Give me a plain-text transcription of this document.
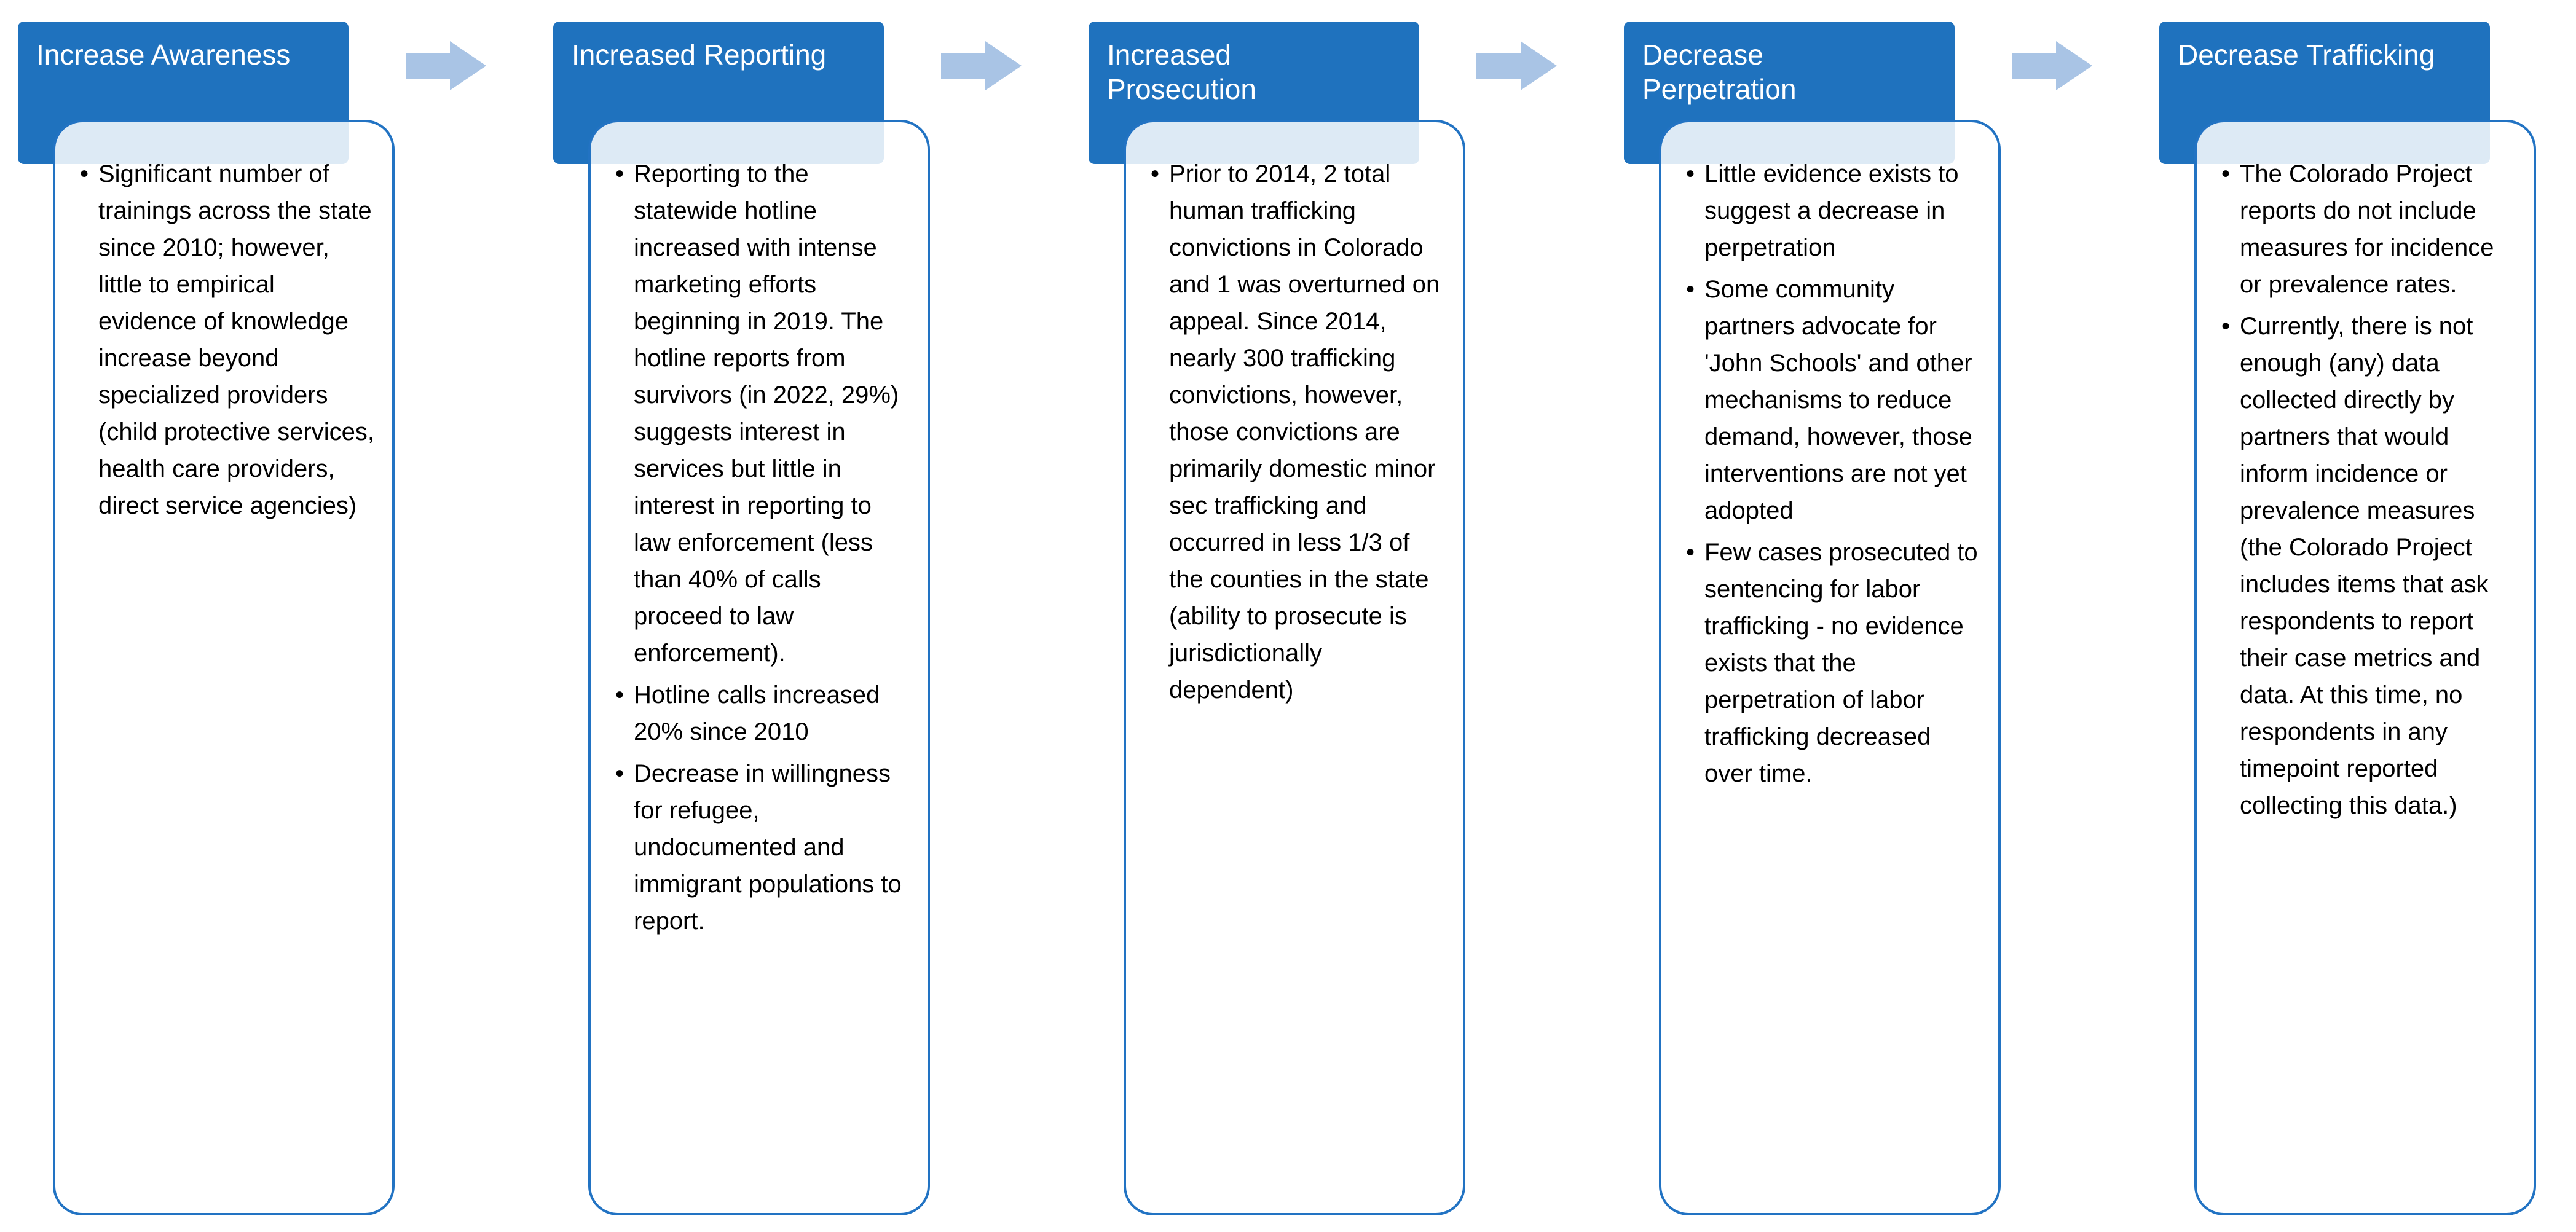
Increase Awareness
• Significant number of trainings across the state since 2010; however, little to empirical evidence of knowledge increase beyond specialized providers (child protective services, health care providers, direct service agencies)
Increased Reporting
• Reporting to the statewide hotline increased with intense marketing efforts beginning in 2019. The hotline reports from survivors (in 2022, 29%) suggests interest in services but little in interest in reporting to law enforcement (less than 40% of calls proceed to law enforcement).
• Hotline calls increased 20% since 2010
• Decrease in willingness for refugee, undocumented and immigrant populations to report.
Increased Prosecution
• Prior to 2014, 2 total human trafficking convictions in Colorado and 1 was overturned on appeal. Since 2014, nearly 300 trafficking convictions, however, those convictions are primarily domestic minor sec trafficking and occurred in less 1/3 of the counties in the state (ability to prosecute is jurisdictionally dependent)
Decrease Perpetration
• Little evidence exists to suggest a decrease in perpetration
• Some community partners advocate for 'John Schools' and other mechanisms to reduce demand, however, those interventions are not yet adopted
• Few cases prosecuted to sentencing for labor trafficking - no evidence exists that the perpetration of labor trafficking decreased over time.
Decrease Trafficking
• The Colorado Project reports do not include measures for incidence or prevalence rates.
• Currently, there is not enough (any) data collected directly by partners that would inform incidence or prevalence measures (the Colorado Project includes items that ask respondents to report their case metrics and data. At this time, no respondents in any timepoint reported collecting this data.)
